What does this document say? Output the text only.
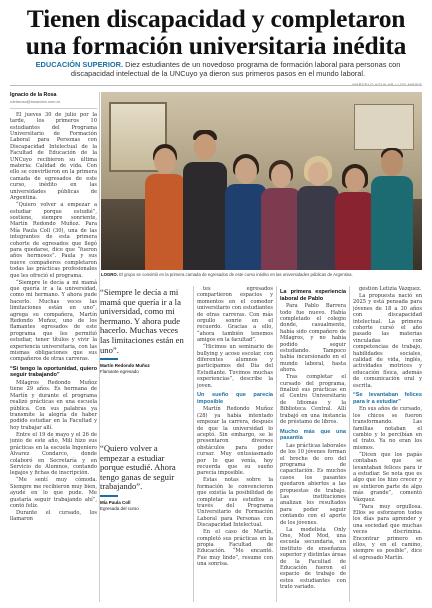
Tienen discapacidad y completaron una formación universitaria inédita
EDUCACIÓN SUPERIOR. Diez estudiantes de un novedoso programa de formación laboral para personas con discapacidad intelectual de la UNCuyo ya dieron sus primeros pasos en el mundo laboral.
MARCELO AGUILAR / LOS ANDES

Ignacio de la Rosa

rdelarosa@losandes.com.ar

El jueves 30 de julio por la tarde, los primeros 10 estudiantes del Programa Universitario de Formación Laboral para Personas con Discapacidad Intelectual de la Facultad de Educación de la UNCuyo recibieron su última materia: Calidad de vida. Con ello se convirtieron en la primera camada de egresados de este curso, inédito en las universidades públicas de Argentina.

“Quiero volver a empezar a estudiar porque estudié”, sostiene, siempre sonriente, Martín Redondo Muñoz. Para Mía Paula Coll (30), una de las integrantes de esta primera cohorte de egresados que llegó para quedarse, dice que “fueron años hermosos”. Paula y sus nueve compañeros completaron todas las prácticas profesionales que les ofreció el programa.

“Siempre le decía a mi mamá que quería ir a la universidad, como mi hermano. Y ahora pude hacerlo. Muchas veces las limitaciones están en uno”, agrega su compañera, Martín Redondo Muñoz, uno de los flamantes egresados de este programa que les permitió estudiar, tener títulos y vivir la experiencia universitaria, con las mismas obligaciones que sus compañeros de otras carreras.

“Si tengo la oportunidad, quiero seguir trabajando”

Milagros Redondo Muñoz tiene 29 años. Es hermana de Martín y durante el programa realizó prácticas en una escuela pública. Con sus palabras ya transmite la alegría de haber podido estudiar en la Facultad y hoy trabajar allí.

Entre el 19 de mayo y el 26 de junio de este año, Mili hizo sus prácticas en la escuela Ingeniero Álvarez Condarco, donde colaboró en Secretaría y en Servicio de Alumnos, contando legajos y fichas de inscripción.

“Me sentí muy cómoda. Siempre me recibieron muy bien, ayudé en lo que pude. Me gustaría seguir trabajando ahí”, contó feliz.

Durante el cursado, los llamaron

LOGRO. El grupo se convirtió en la primera camada de egresados de este curso inédito en las universidades públicas de Argentina.
“Siempre le decía a mi mamá que quería ir a la universidad, como mi hermano. Y ahora pude hacerlo. Muchas veces las limitaciones están en uno”.
Martín Redondo Muñoz
Flamante egresado
“Quiero volver a empezar a estudiar porque estudié. Ahora tengo ganas de seguir trabajando”.
Mía Paula Coll
Egresada del curso

tes egresados compartieron espacios y momentos en el comedor universitario con estudiantes de otras carreras. Con más orgullo sonríe en el recuerdo. Gracias a ello, “ahora también tenemos amigos en la facultad”.

“Hicimos un seminario de bullying y acoso escolar, con diferentes alumnos y participamos del Día del Estudiante. Tuvimos muchas experiencias”, describe la joven.

Un sueño que parecía imposible

Martín Redondo Muñoz (28) ya había intentado empezar la carrera, después de que la universidad lo aceptó. Sin embargo, se le presentaron diversos obstáculos para poder cursar. Muy entusiasmado por lo que venía, hoy recuerda que su sueño parecía imposible.

Estas notas sobre la formación le convencieron que existía la posibilidad de completar sus estudios a través del Programa Universitario de Formación Laboral para Personas con Discapacidad Intelectual.

En el caso de Martín, completó sus prácticas en la propia Facultad de Educación. “Me encantó. Fue muy lindo”, resume con una sonrisa.

La primera experiencia laboral de Pablo

Para Pablo Barrera todo fue nuevo. Había completado el colegio donde, casualmente, había sido compañero de Milagros, y no había podido seguir estudiando. Tampoco había incursionado en el mundo laboral, hasta ahora.

Tras completar el cursado del programa, finalizó sus prácticas en el Centro Universitario de Idiomas y la Biblioteca Central. Allí trabajó en una instancia de préstamo de libros.

Mucho más que una pasantía

Las prácticas laborales de los 10 jóvenes forman el broche de oro del programa de capacitación. Es muchos casos los pasantes quedaron abiertos a las propuestas de trabajo. Las instituciones analizan los resultados para poder seguir contando con el aporte de los jóvenes.

La modelista Only One, Mod Mod, una escuela secundaria, un instituto de enseñanza superior y distintas áreas de la Facultad de Educación fueron el espacio de trabajo de estos estudiantes con trato variado.

gestión Letizia Vázquez.

La propuesta nació en 2025 y está pensada para jóvenes de 18 a 30 años con discapacidad intelectual. La primera cohorte cursó el año pasado las materias vinculadas con competencias de trabajo, habilidades sociales, calidad de vida, inglés, actividades motrices y educación física, además de comunicación oral y escrita.

“Se levantaban felices para ir a estudiar”

En sus años de cursado, los chicos se fueron transformando. Las familias notaban el cambio y lo percibían en el trato. Ya no eran los mismos.

“Dicen que los papás contaban que se levantaban felices para ir a estudiar. Se nota que es algo que los hizo crecer y se sintieron parte de algo más grande”, comentó Vázquez.

“Para muy orgullosa. Ellos se esforzaron todos los días para aprender y una sociedad que muchas veces discrimina. Encontrar primero en ellos, y en el camino, siempre es posible”, dice el egresado Martín.
